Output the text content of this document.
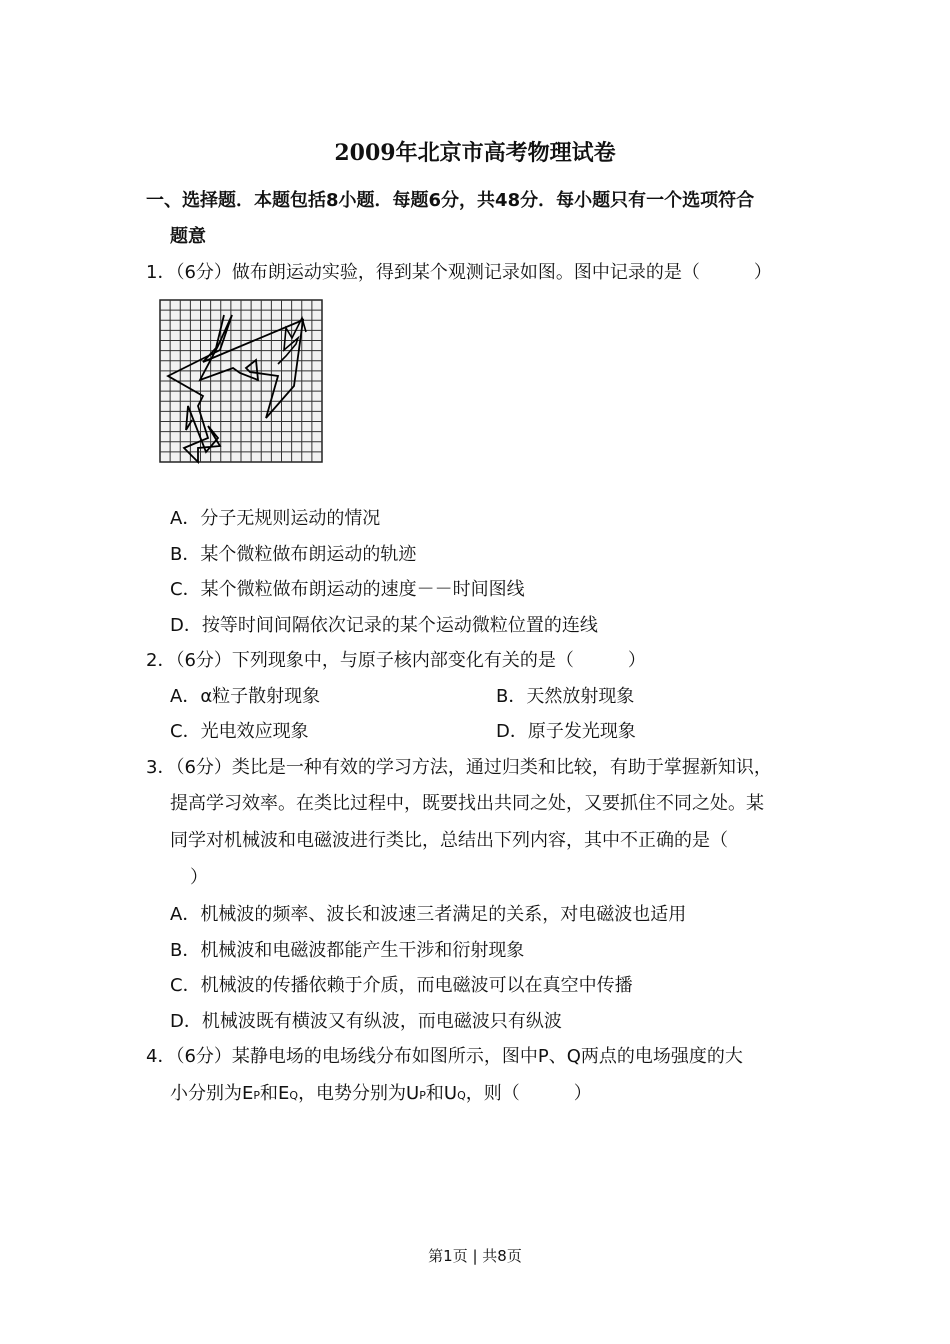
2009年北京市高考物理试卷
一、选择题．本题包括8小题．每题6分，共48分．每小题只有一个选项符合
题意
1．（6分）做布朗运动实验，得到某个观测记录如图。图中记录的是（　　　）
A．分子无规则运动的情况
B．某个微粒做布朗运动的轨迹
C．某个微粒做布朗运动的速度－－时间图线
D．按等时间间隔依次记录的某个运动微粒位置的连线
2．（6分）下列现象中，与原子核内部变化有关的是（　　　）
A．α粒子散射现象	B．天然放射现象
C．光电效应现象	D．原子发光现象
3．（6分）类比是一种有效的学习方法，通过归类和比较，有助于掌握新知识，
提高学习效率。在类比过程中，既要找出共同之处，又要抓住不同之处。某
同学对机械波和电磁波进行类比，总结出下列内容，其中不正确的是（
）
A．机械波的频率、波长和波速三者满足的关系，对电磁波也适用
B．机械波和电磁波都能产生干涉和衍射现象
C．机械波的传播依赖于介质，而电磁波可以在真空中传播
D．机械波既有横波又有纵波，而电磁波只有纵波
4．（6分）某静电场的电场线分布如图所示，图中P、Q两点的电场强度的大
小分别为EP和EQ，电势分别为UP和UQ，则（　　　）
第1页 | 共8页
